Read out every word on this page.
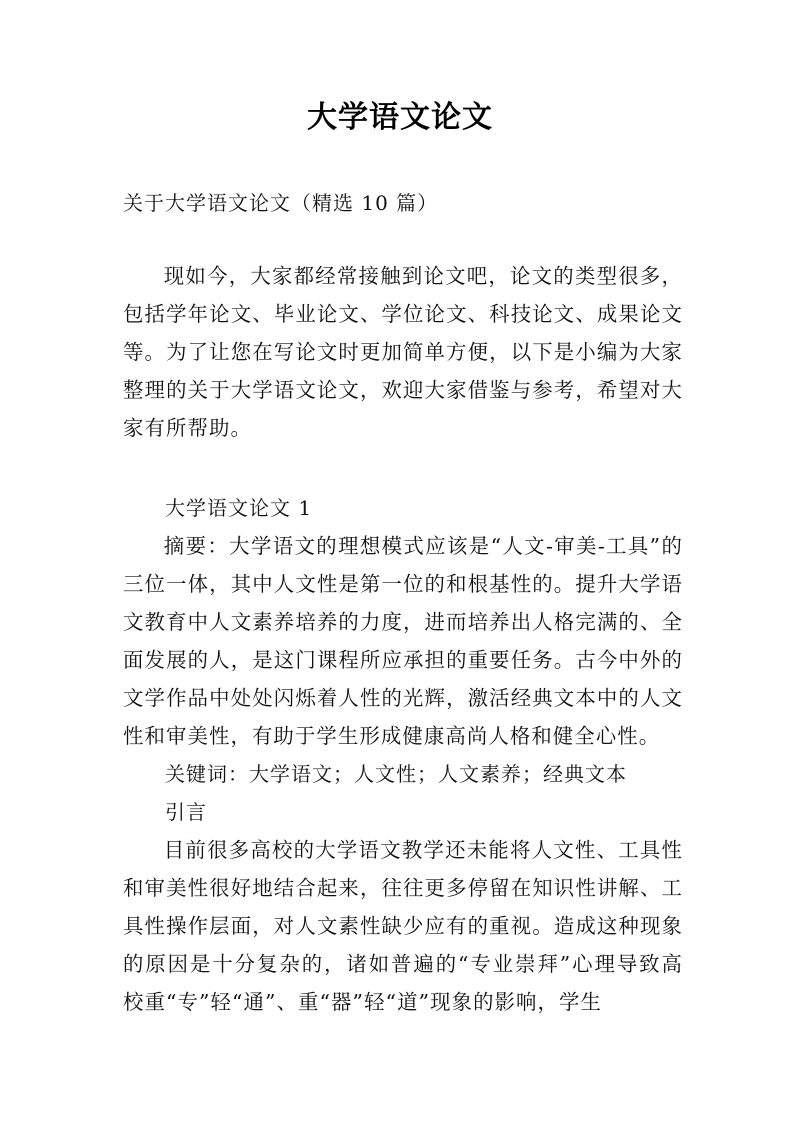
大学语文论文
关于大学语文论文（精选 10 篇）

现如今，大家都经常接触到论文吧，论文的类型很多，包括学年论文、毕业论文、学位论文、科技论文、成果论文等。为了让您在写论文时更加简单方便，以下是小编为大家整理的关于大学语文论文，欢迎大家借鉴与参考，希望对大家有所帮助。

大学语文论文 1

摘要：大学语文的理想模式应该是“人文-审美-工具”的三位一体，其中人文性是第一位的和根基性的。提升大学语文教育中人文素养培养的力度，进而培养出人格完满的、全面发展的人，是这门课程所应承担的重要任务。古今中外的文学作品中处处闪烁着人性的光辉，激活经典文本中的人文性和审美性，有助于学生形成健康高尚人格和健全心性。

关键词：大学语文；人文性；人文素养；经典文本

引言

目前很多高校的大学语文教学还未能将人文性、工具性和审美性很好地结合起来，往往更多停留在知识性讲解、工具性操作层面，对人文素性缺少应有的重视。造成这种现象的原因是十分复杂的，诸如普遍的“专业崇拜”心理导致高校重“专”轻“通”、重“器”轻“道”现象的影响，学生
